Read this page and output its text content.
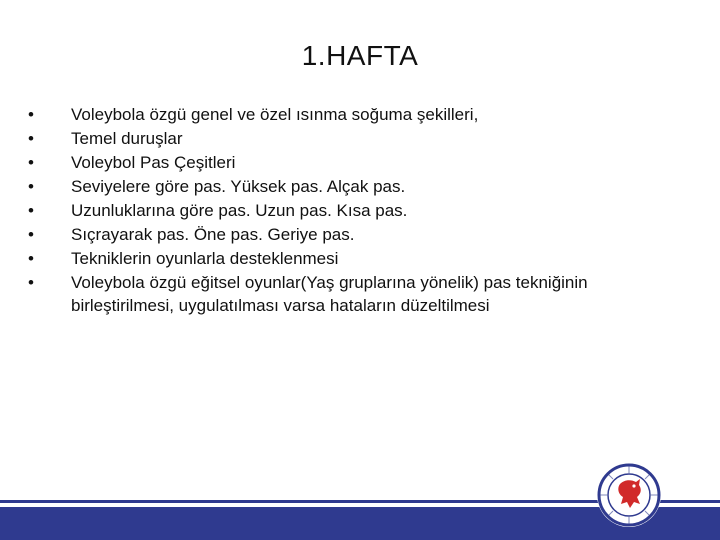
1.HAFTA
•	Voleybola özgü genel ve özel ısınma soğuma şekilleri,
•	Temel duruşlar
•	Voleybol Pas Çeşitleri
•	Seviyelere göre pas. Yüksek pas. Alçak pas.
•	Uzunluklarına göre pas. Uzun pas. Kısa pas.
•	Sıçrayarak pas. Öne pas. Geriye pas.
•	Tekniklerin oyunlarla desteklenmesi
•	Voleybola özgü eğitsel oyunlar(Yaş gruplarına yönelik) pas tekniğinin birleştirilmesi, uygulatılması varsa hataların düzeltilmesi
